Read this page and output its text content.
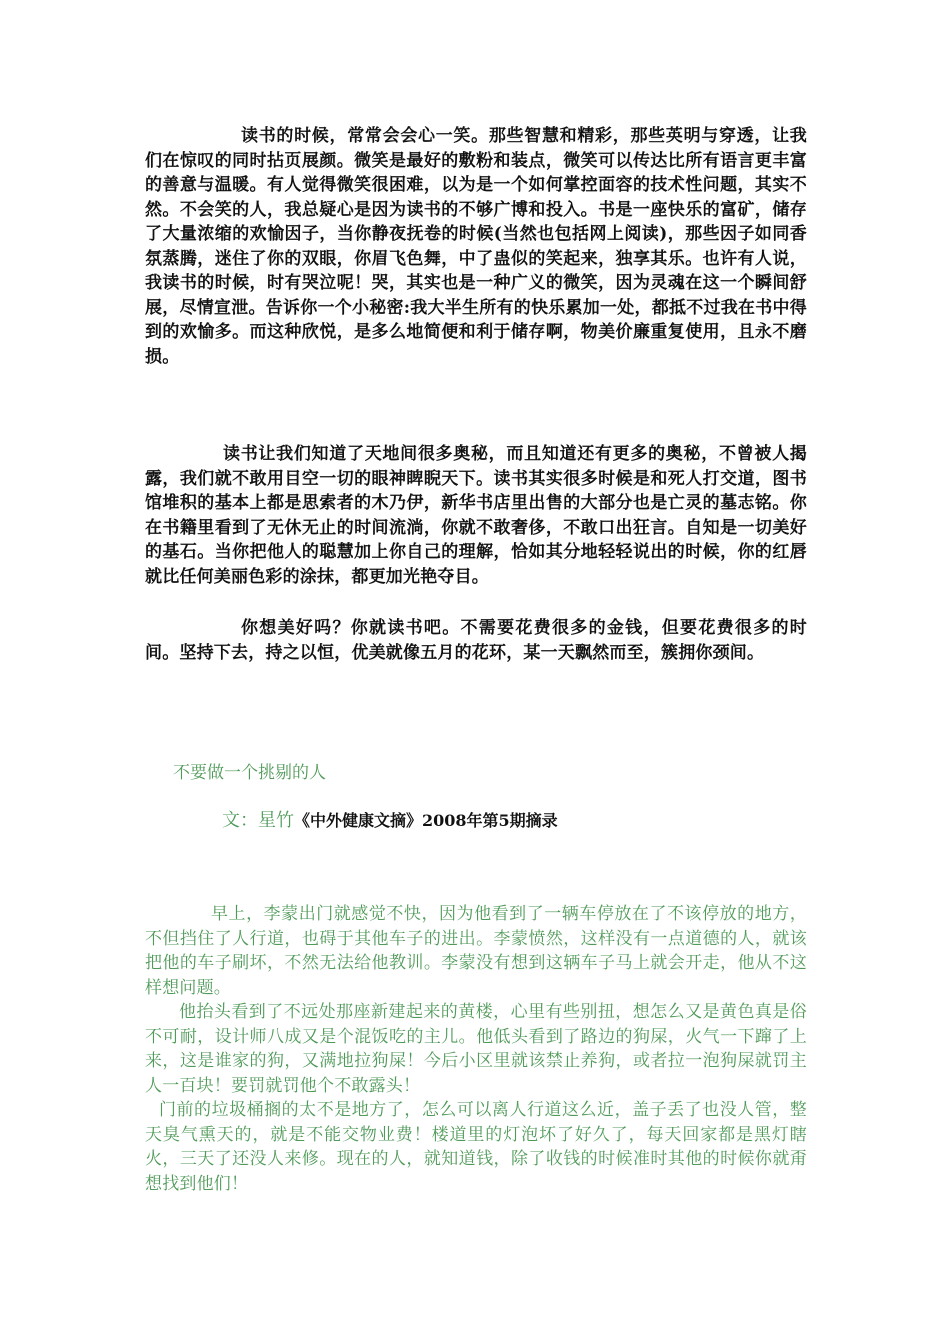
读书的时候，常常会会心一笑。那些智慧和精彩，那些英明与穿透，让我们在惊叹的同时拈页展颜。微笑是最好的敷粉和装点，微笑可以传达比所有语言更丰富的善意与温暖。有人觉得微笑很困难，以为是一个如何掌控面容的技术性问题，其实不然。不会笑的人，我总疑心是因为读书的不够广博和投入。书是一座快乐的富矿，储存了大量浓缩的欢愉因子，当你静夜抚卷的时候(当然也包括网上阅读)，那些因子如同香氛蒸腾，迷住了你的双眼，你眉飞色舞，中了蛊似的笑起来，独享其乐。也许有人说，我读书的时候，时有哭泣呢！哭，其实也是一种广义的微笑，因为灵魂在这一个瞬间舒展，尽情宣泄。告诉你一个小秘密:我大半生所有的快乐累加一处，都抵不过我在书中得到的欢愉多。而这种欣悦，是多么地简便和利于储存啊，物美价廉重复使用，且永不磨损。

读书让我们知道了天地间很多奥秘，而且知道还有更多的奥秘，不曾被人揭露，我们就不敢用目空一切的眼神睥睨天下。读书其实很多时候是和死人打交道，图书馆堆积的基本上都是思索者的木乃伊，新华书店里出售的大部分也是亡灵的墓志铭。你在书籍里看到了无休无止的时间流淌，你就不敢奢侈，不敢口出狂言。自知是一切美好的基石。当你把他人的聪慧加上你自己的理解，恰如其分地轻轻说出的时候，你的红唇就比任何美丽色彩的涂抹，都更加光艳夺目。

你想美好吗？你就读书吧。不需要花费很多的金钱，但要花费很多的时间。坚持下去，持之以恒，优美就像五月的花环，某一天飘然而至，簇拥你颈间。

不要做一个挑剔的人

文：星竹《中外健康文摘》2008年第5期摘录

早上，李蒙出门就感觉不快，因为他看到了一辆车停放在了不该停放的地方，不但挡住了人行道，也碍于其他车子的进出。李蒙愤然，这样没有一点道德的人，就该把他的车子刷坏，不然无法给他教训。李蒙没有想到这辆车子马上就会开走，他从不这样想问题。

他抬头看到了不远处那座新建起来的黄楼，心里有些别扭，想怎么又是黄色真是俗不可耐，设计师八成又是个混饭吃的主儿。他低头看到了路边的狗屎，火气一下蹿了上来，这是谁家的狗，又满地拉狗屎！今后小区里就该禁止养狗，或者拉一泡狗屎就罚主人一百块！要罚就罚他个不敢露头！

门前的垃圾桶搁的太不是地方了，怎么可以离人行道这么近，盖子丢了也没人管，整天臭气熏天的，就是不能交物业费！楼道里的灯泡坏了好久了，每天回家都是黑灯瞎火，三天了还没人来修。现在的人，就知道钱，除了收钱的时候准时其他的时候你就甭想找到他们！
